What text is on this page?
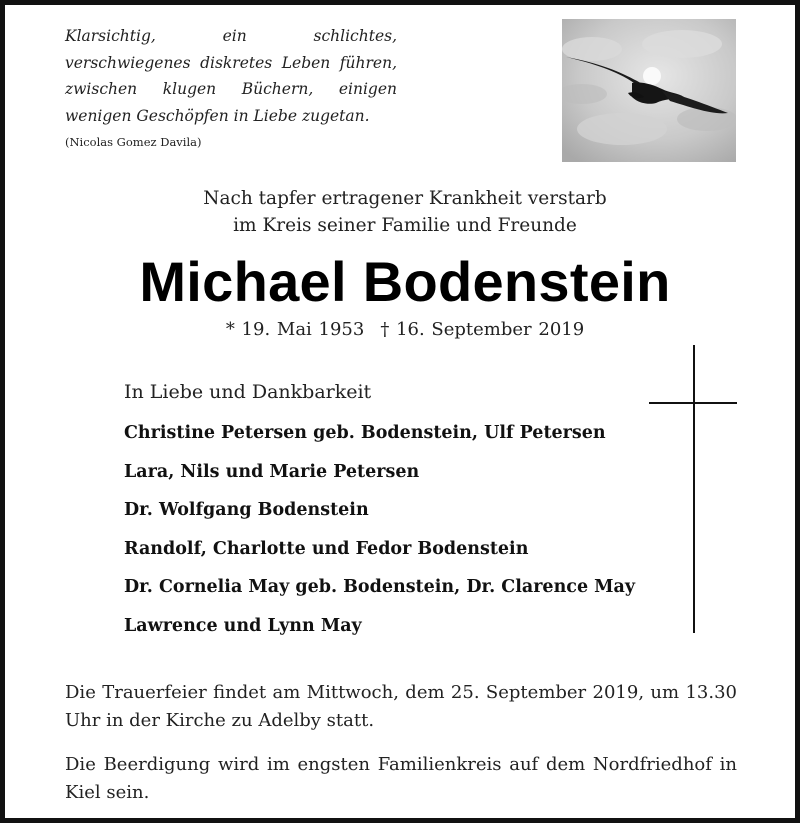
Klarsichtig, ein schlichtes, verschwiegenes diskretes Leben führen, zwischen klugen Büchern, einigen wenigen Geschöpfen in Liebe zugetan.
(Nicolas Gomez Davila)
Nach tapfer ertragener Krankheit verstarb
im Kreis seiner Familie und Freunde
Michael Bodenstein
* 19. Mai 1953 † 16. September 2019
In Liebe und Dankbarkeit
Christine Petersen geb. Bodenstein, Ulf Petersen
Lara, Nils und Marie Petersen
Dr. Wolfgang Bodenstein
Randolf, Charlotte und Fedor Bodenstein
Dr. Cornelia May geb. Bodenstein, Dr. Clarence May
Lawrence und Lynn May
Die Trauerfeier findet am Mittwoch, dem 25. September 2019, um 13.30 Uhr in der Kirche zu Adelby statt.
Die Beerdigung wird im engsten Familienkreis auf dem Nordfriedhof in Kiel sein.
